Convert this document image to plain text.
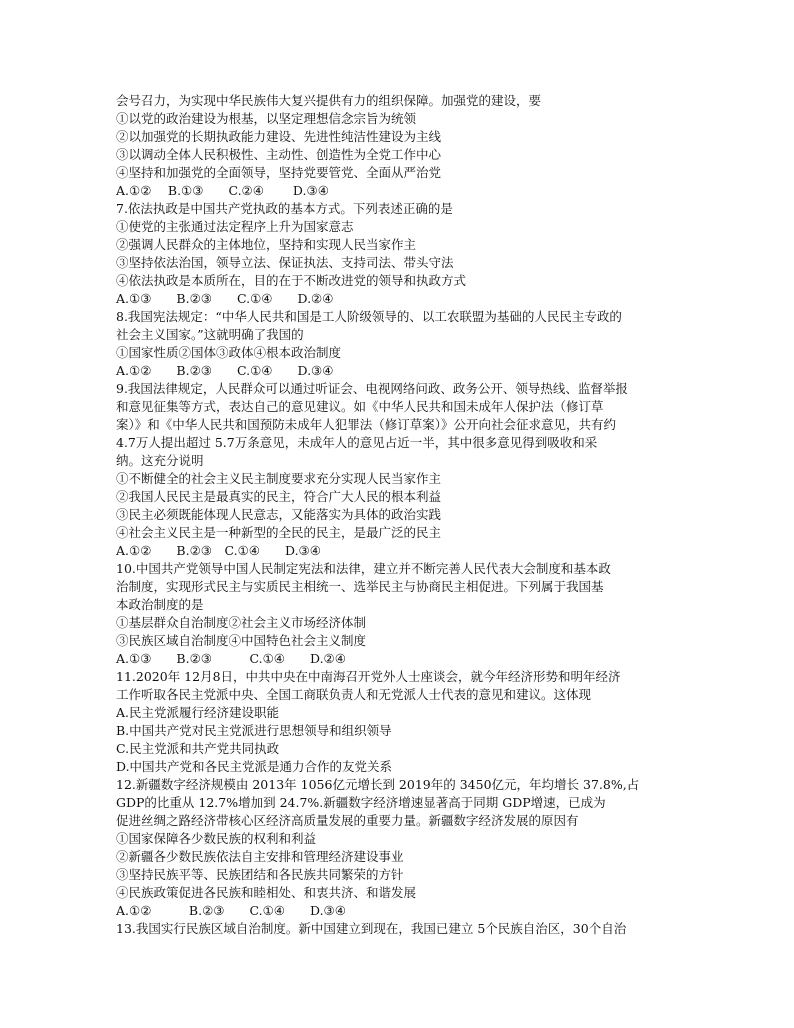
会号召力，为实现中华民族伟大复兴提供有力的组织保障。加强党的建设，要
①以党的政治建设为根基，以坚定理想信念宗旨为统领
②以加强党的长期执政能力建设、先进性纯洁性建设为主线
③以调动全体人民积极性、主动性、创造性为全党工作中心
④坚持和加强党的全面领导，坚持党要管党、全面从严治党
A.①②　 B.①③　　C.②④　　 D.③④
7.依法执政是中国共产党执政的基本方式。下列表述正确的是
①使党的主张通过法定程序上升为国家意志
②强调人民群众的主体地位，坚持和实现人民当家作主
③坚持依法治国，领导立法、保证执法、支持司法、带头守法
④依法执政是本质所在，目的在于不断改进党的领导和执政方式
A.①③　　B.②③　　C.①④　　D.②④
8.我国宪法规定：“中华人民共和国是工人阶级领导的、以工农联盟为基础的人民民主专政的
社会主义国家。”这就明确了我国的
①国家性质②国体③政体④根本政治制度
A.①②　　B.②③　　C.①④　　D.③④
9.我国法律规定，人民群众可以通过听证会、电视网络问政、政务公开、领导热线、监督举报
和意见征集等方式，表达自己的意见建议。如《中华人民共和国未成年人保护法（修订草
案）》和《中华人民共和国预防未成年人犯罪法（修订草案）》公开向社会征求意见，共有约
4.7万人提出超过 5.7万条意见，未成年人的意见占近一半，其中很多意见得到吸收和采
纳。这充分说明
①不断健全的社会主义民主制度要求充分实现人民当家作主
②我国人民民主是最真实的民主，符合广大人民的根本利益
③民主必须既能体现人民意志，又能落实为具体的政治实践
④社会主义民主是一种新型的全民的民主，是最广泛的民主
A.①②　　B.②③　C.①④　　D.③④
10.中国共产党领导中国人民制定宪法和法律，建立并不断完善人民代表大会制度和基本政
治制度，实现形式民主与实质民主相统一、选举民主与协商民主相促进。下列属于我国基
本政治制度的是
①基层群众自治制度②社会主义市场经济体制
③民族区域自治制度④中国特色社会主义制度
A.①③　　B.②③　　　C.①④　　D.②④
11.2020年 12月8日，中共中央在中南海召开党外人士座谈会，就今年经济形势和明年经济
工作听取各民主党派中央、全国工商联负责人和无党派人士代表的意见和建议。这体现
A.民主党派履行经济建设职能
B.中国共产党对民主党派进行思想领导和组织领导
C.民主党派和共产党共同执政
D.中国共产党和各民主党派是通力合作的友党关系
12.新疆数字经济规模由 2013年 1056亿元增长到 2019年的 3450亿元，年均增长 37.8%,占
GDP的比重从 12.7%增加到 24.7%.新疆数字经济增速显著高于同期 GDP增速，已成为
促进丝绸之路经济带核心区经济高质量发展的重要力量。新疆数字经济发展的原因有
①国家保障各少数民族的权利和利益
②新疆各少数民族依法自主安排和管理经济建设事业
③坚持民族平等、民族团结和各民族共同繁荣的方针
④民族政策促进各民族和睦相处、和衷共济、和谐发展
A.①②　　　B.②③　　C.①④　　D.③④
13.我国实行民族区域自治制度。新中国建立到现在，我国已建立 5个民族自治区，30个自治
